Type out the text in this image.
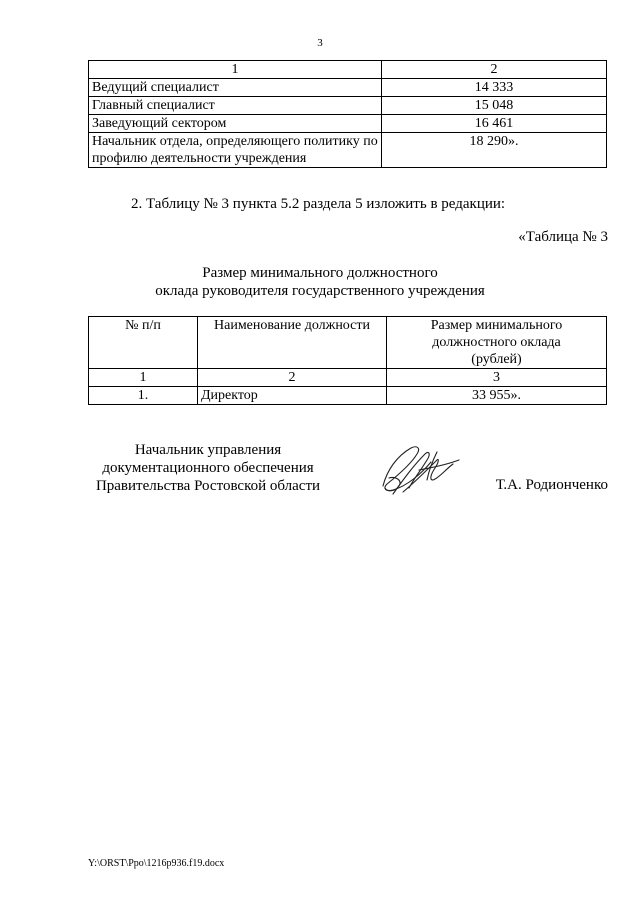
3
1	2
Ведущий специалист	14 333
Главный специалист	15 048
Заведующий сектором	16 461
Начальник отдела, определяющего политику по профилю деятельности учреждения	18 290».
2. Таблицу № 3 пункта 5.2 раздела 5 изложить в редакции:
«Таблица № 3
Размер минимального должностного
оклада руководителя государственного учреждения
№ п/п	Наименование должности	Размер минимального должностного оклада (рублей)
1	2	3
1.	Директор	33 955».
Начальник управления
документационного обеспечения
Правительства Ростовской области	Т.А. Родионченко
Y:\ORST\Ppo\1216p936.f19.docx
